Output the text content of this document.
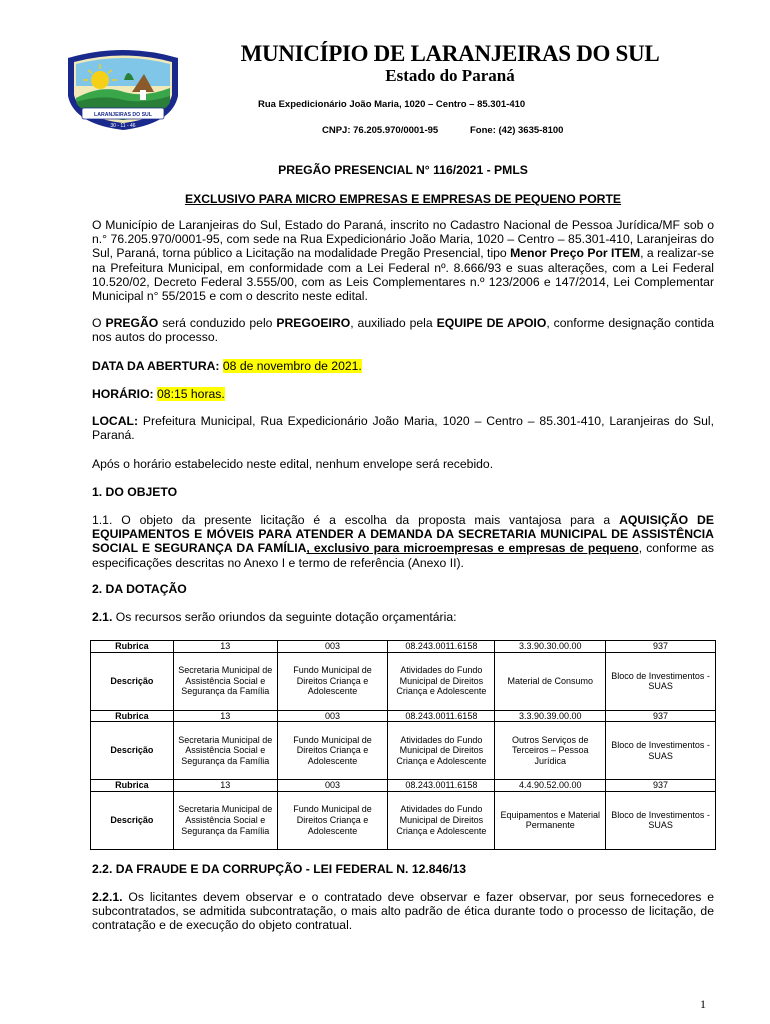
LARANJEIRAS DO SUL
30 - 11 - 46
MUNICÍPIO DE LARANJEIRAS DO SUL
Estado do Paraná
Rua Expedicionário João Maria, 1020 – Centro – 85.301-410
CNPJ: 76.205.970/0001-95	Fone: (42) 3635-8100
PREGÃO PRESENCIAL N° 116/2021 - PMLS
EXCLUSIVO PARA MICRO EMPRESAS E EMPRESAS DE PEQUENO PORTE
O Município de Laranjeiras do Sul, Estado do Paraná, inscrito no Cadastro Nacional de Pessoa Jurídica/MF sob o n.° 76.205.970/0001-95, com sede na Rua Expedicionário João Maria, 1020 – Centro – 85.301-410, Laranjeiras do Sul, Paraná, torna público a Licitação na modalidade Pregão Presencial, tipo Menor Preço Por ITEM, a realizar-se na Prefeitura Municipal, em conformidade com a Lei Federal nº. 8.666/93 e suas alterações, com a Lei Federal 10.520/02, Decreto Federal 3.555/00, com as Leis Complementares n.º 123/2006 e 147/2014, Lei Complementar Municipal n° 55/2015 e com o descrito neste edital.
O PREGÃO será conduzido pelo PREGOEIRO, auxiliado pela EQUIPE DE APOIO, conforme designação contida nos autos do processo.
DATA DA ABERTURA: 08 de novembro de 2021.
HORÁRIO: 08:15 horas.
LOCAL: Prefeitura Municipal, Rua Expedicionário João Maria, 1020 – Centro – 85.301-410, Laranjeiras do Sul, Paraná.
Após o horário estabelecido neste edital, nenhum envelope será recebido.
1. DO OBJETO
1.1. O objeto da presente licitação é a escolha da proposta mais vantajosa para a AQUISIÇÃO DE EQUIPAMENTOS E MÓVEIS PARA ATENDER A DEMANDA DA SECRETARIA MUNICIPAL DE ASSISTÊNCIA SOCIAL E SEGURANÇA DA FAMÍLIA, exclusivo para microempresas e empresas de pequeno, conforme as especificações descritas no Anexo I e termo de referência (Anexo II).
2. DA DOTAÇÃO
2.1. Os recursos serão oriundos da seguinte dotação orçamentária:
Rubrica	13	003	08.243.0011.6158	3.3.90.30.00.00	937
Descrição	Secretaria Municipal de Assistência Social e Segurança da Família	Fundo Municipal de Direitos Criança e Adolescente	Atividades do Fundo Municipal de Direitos Criança e Adolescente	Material de Consumo	Bloco de Investimentos - SUAS
Rubrica	13	003	08.243.0011.6158	3.3.90.39.00.00	937
Descrição	Secretaria Municipal de Assistência Social e Segurança da Família	Fundo Municipal de Direitos Criança e Adolescente	Atividades do Fundo Municipal de Direitos Criança e Adolescente	Outros Serviços de Terceiros – Pessoa Jurídica	Bloco de Investimentos - SUAS
Rubrica	13	003	08.243.0011.6158	4.4.90.52.00.00	937
Descrição	Secretaria Municipal de Assistência Social e Segurança da Família	Fundo Municipal de Direitos Criança e Adolescente	Atividades do Fundo Municipal de Direitos Criança e Adolescente	Equipamentos e Material Permanente	Bloco de Investimentos - SUAS
2.2. DA FRAUDE E DA CORRUPÇÃO - LEI FEDERAL N. 12.846/13
2.2.1. Os licitantes devem observar e o contratado deve observar e fazer observar, por seus fornecedores e subcontratados, se admitida subcontratação, o mais alto padrão de ética durante todo o processo de licitação, de contratação e de execução do objeto contratual.
1
